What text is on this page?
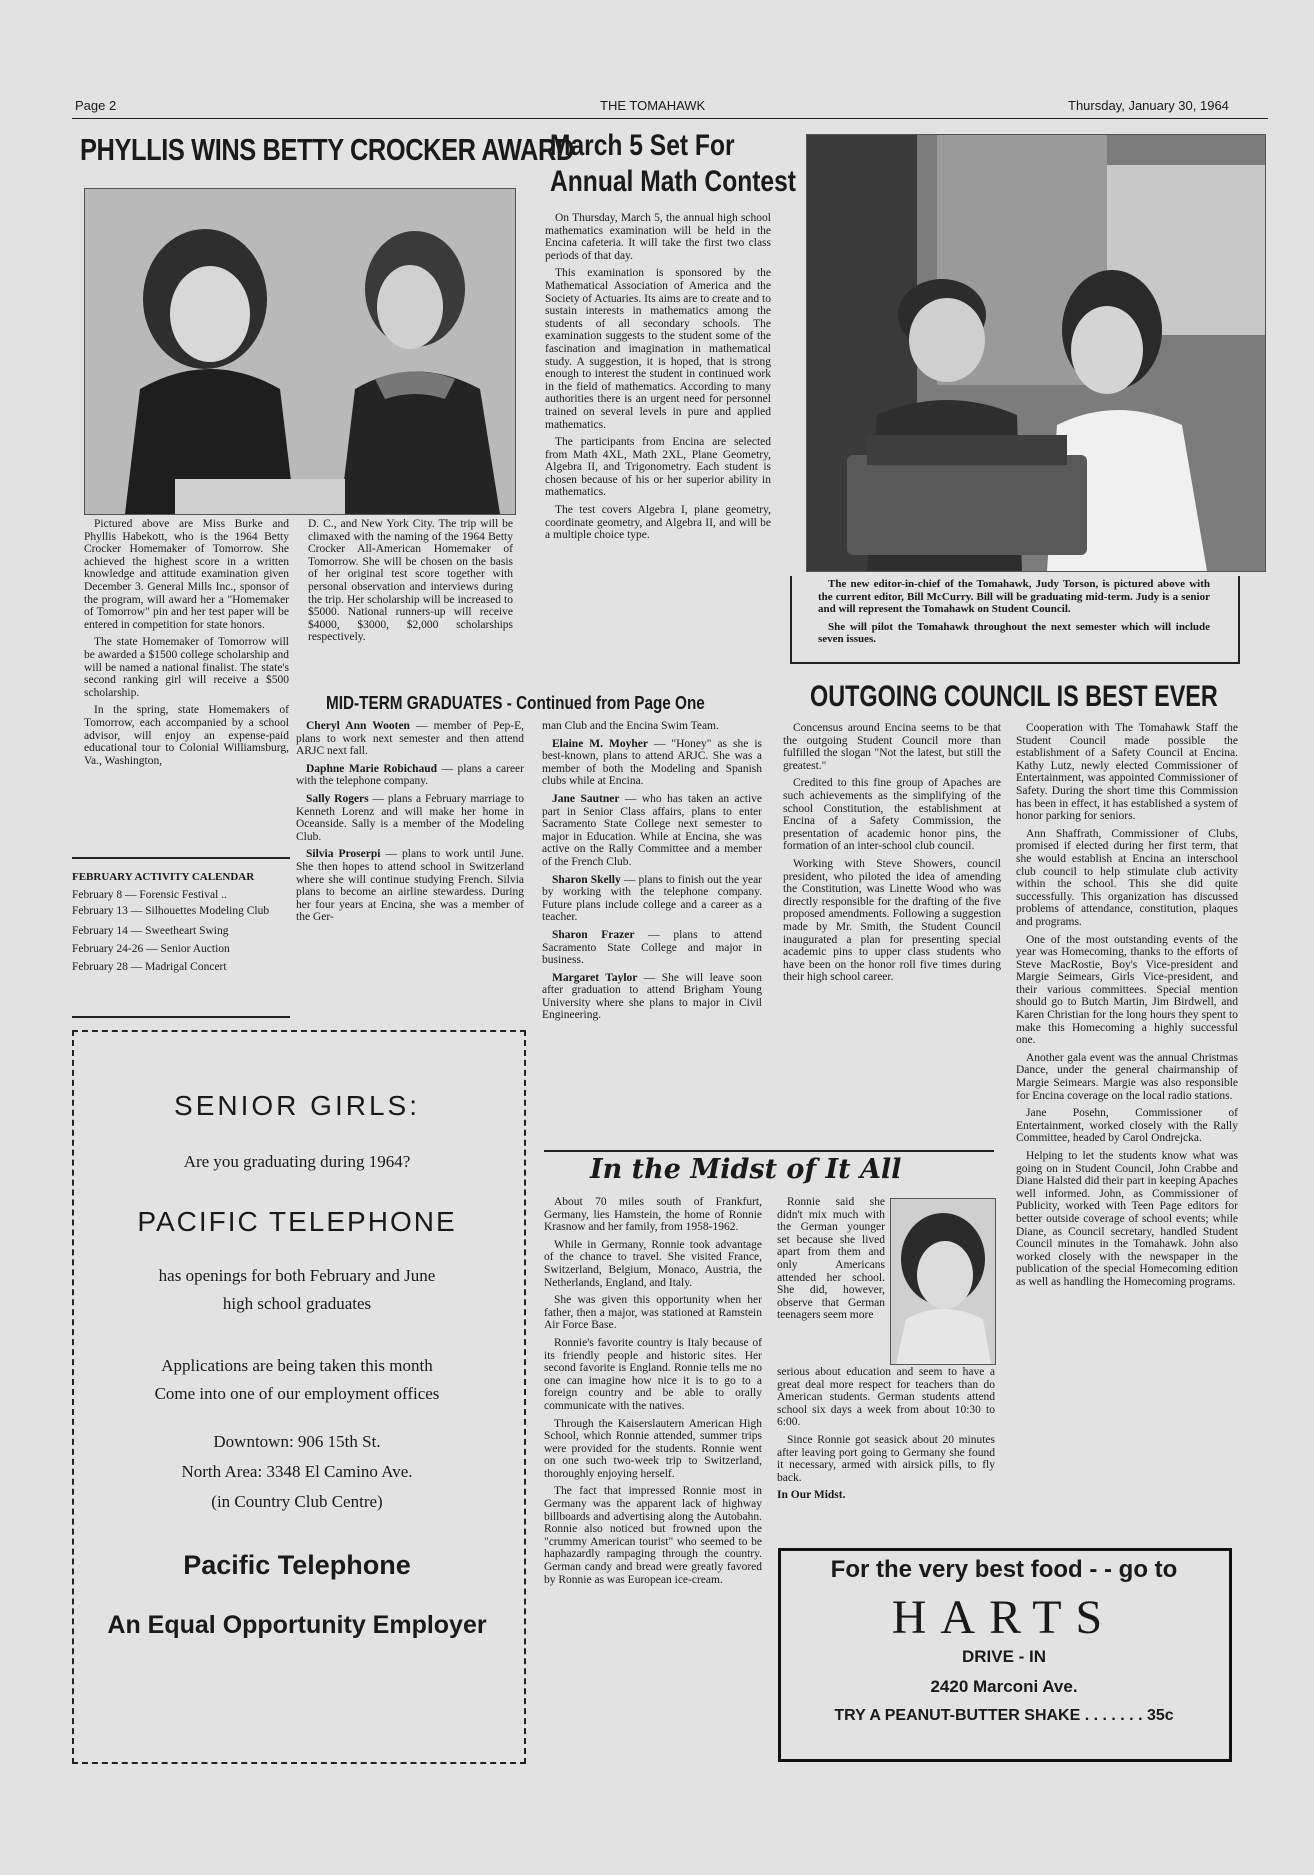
Page 2	THE TOMAHAWK	Thursday, January 30, 1964
PHYLLIS WINS BETTY CROCKER AWARD

Pictured above are Miss Burke and Phyllis Habekott, who is the 1964 Betty Crocker Homemaker of Tomorrow. She achieved the highest score in a written knowledge and attitude examination given December 3. General Mills Inc., sponsor of the program, will award her a "Homemaker of Tomorrow" pin and her test paper will be entered in competition for state honors.

The state Homemaker of Tomorrow will be awarded a $1500 college scholarship and will be named a national finalist. The state's second ranking girl will receive a $500 scholarship.

In the spring, state Homemakers of Tomorrow, each accompanied by a school advisor, will enjoy an expense-paid educational tour to Colonial Williamsburg, Va., Washington,

D. C., and New York City. The trip will be climaxed with the naming of the 1964 Betty Crocker All-American Homemaker of Tomorrow. She will be chosen on the basis of her original test score together with personal observation and interviews during the trip. Her scholarship will be increased to $5000. National runners-up will receive $4000, $3000, $2,000 scholarships respectively.

FEBRUARY ACTIVITY CALENDAR
February 8 — Forensic Festival ..
February 13 — Silhouettes Modeling Club
February 14 — Sweetheart Swing
February 24-26 — Senior Auction
February 28 — Madrigal Concert
March 5 Set For
Annual Math Contest

On Thursday, March 5, the annual high school mathematics examination will be held in the Encina cafeteria. It will take the first two class periods of that day.

This examination is sponsored by the Mathematical Association of America and the Society of Actuaries. Its aims are to create and to sustain interests in mathematics among the students of all secondary schools. The examination suggests to the student some of the fascination and imagination in mathematical study. A suggestion, it is hoped, that is strong enough to interest the student in continued work in the field of mathematics. According to many authorities there is an urgent need for personnel trained on several levels in pure and applied mathematics.

The participants from Encina are selected from Math 4XL, Math 2XL, Plane Geometry, Algebra II, and Trigonometry. Each student is chosen because of his or her superior ability in mathematics.

The test covers Algebra I, plane geometry, coordinate geometry, and Algebra II, and will be a multiple choice type.

The new editor-in-chief of the Tomahawk, Judy Torson, is pictured above with the current editor, Bill McCurry. Bill will be graduating mid-term. Judy is a senior and will represent the Tomahawk on Student Council.

She will pilot the Tomahawk throughout the next semester which will include seven issues.

MID-TERM GRADUATES - Continued from Page One

Cheryl Ann Wooten — member of Pep-E, plans to work next semester and then attend ARJC next fall.

Daphne Marie Robichaud — plans a career with the telephone company.

Sally Rogers — plans a February marriage to Kenneth Lorenz and will make her home in Oceanside. Sally is a member of the Modeling Club.

Silvia Proserpi — plans to work until June. She then hopes to attend school in Switzerland where she will continue studying French. Silvia plans to become an airline stewardess. During her four years at Encina, she was a member of the Ger-

man Club and the Encina Swim Team.

Elaine M. Moyher — "Honey" as she is best-known, plans to attend ARJC. She was a member of both the Modeling and Spanish clubs while at Encina.

Jane Sautner — who has taken an active part in Senior Class affairs, plans to enter Sacramento State College next semester to major in Education. While at Encina, she was active on the Rally Committee and a member of the French Club.

Sharon Skelly — plans to finish out the year by working with the telephone company. Future plans include college and a career as a teacher.

Sharon Frazer — plans to attend Sacramento State College and major in business.

Margaret Taylor — She will leave soon after graduation to attend Brigham Young University where she plans to major in Civil Engineering.

OUTGOING COUNCIL IS BEST EVER

Concensus around Encina seems to be that the outgoing Student Council more than fulfilled the slogan "Not the latest, but still the greatest."

Credited to this fine group of Apaches are such achievements as the simplifying of the school Constitution, the establishment at Encina of a Safety Commission, the presentation of academic honor pins, the formation of an inter-school club council.

Working with Steve Showers, council president, who piloted the idea of amending the Constitution, was Linette Wood who was directly responsible for the drafting of the five proposed amendments. Following a suggestion made by Mr. Smith, the Student Council inaugurated a plan for presenting special academic pins to upper class students who have been on the honor roll five times during their high school career.

Cooperation with The Tomahawk Staff the Student Council made possible the establishment of a Safety Council at Encina. Kathy Lutz, newly elected Commissioner of Entertainment, was appointed Commissioner of Safety. During the short time this Commission has been in effect, it has established a system of honor parking for seniors.

Ann Shaffrath, Commissioner of Clubs, promised if elected during her first term, that she would establish at Encina an interschool club council to help stimulate club activity within the school. This she did quite successfully. This organization has discussed problems of attendance, constitution, plaques and programs.

One of the most outstanding events of the year was Homecoming, thanks to the efforts of Steve MacRostie, Boy's Vice-president and Margie Seimears, Girls Vice-president, and their various committees. Special mention should go to Butch Martin, Jim Birdwell, and Karen Christian for the long hours they spent to make this Homecoming a highly successful one.

Another gala event was the annual Christmas Dance, under the general chairmanship of Margie Seimears. Margie was also responsible for Encina coverage on the local radio stations.

Jane Posehn, Commissioner of Entertainment, worked closely with the Rally Committee, headed by Carol Ondrejcka.

Helping to let the students know what was going on in Student Council, John Crabbe and Diane Halsted did their part in keeping Apaches well informed. John, as Commissioner of Publicity, worked with Teen Page editors for better outside coverage of school events; while Diane, as Council secretary, handled Student Council minutes in the Tomahawk. John also worked closely with the newspaper in the publication of the special Homecoming edition as well as handling the Homecoming programs.

In the Midst of It All

About 70 miles south of Frankfurt, Germany, lies Hamstein, the home of Ronnie Krasnow and her family, from 1958-1962.

While in Germany, Ronnie took advantage of the chance to travel. She visited France, Switzerland, Belgium, Monaco, Austria, the Netherlands, England, and Italy.

She was given this opportunity when her father, then a major, was stationed at Ramstein Air Force Base.

Ronnie's favorite country is Italy because of its friendly people and historic sites. Her second favorite is England. Ronnie tells me no one can imagine how nice it is to go to a foreign country and be able to orally communicate with the natives.

Through the Kaiserslautern American High School, which Ronnie attended, summer trips were provided for the students. Ronnie went on one such two-week trip to Switzerland, thoroughly enjoying herself.

The fact that impressed Ronnie most in Germany was the apparent lack of highway billboards and advertising along the Autobahn. Ronnie also noticed but frowned upon the "crummy American tourist" who seemed to be haphazardly rampaging through the country. German candy and bread were greatly favored by Ronnie as was European ice-cream.

Ronnie said she didn't mix much with the German younger set because she lived apart from them and only Americans attended her school. She did, however, observe that German teenagers seem more

serious about education and seem to have a great deal more respect for teachers than do American students. German students attend school six days a week from about 10:30 to 6:00.

Since Ronnie got seasick about 20 minutes after leaving port going to Germany she found it necessary, armed with airsick pills, to fly back.

In Our Midst.

SENIOR GIRLS:
Are you graduating during 1964?
PACIFIC TELEPHONE
has openings for both February and June
high school graduates
Applications are being taken this month
Come into one of our employment offices
Downtown: 906 15th St.
North Area: 3348 El Camino Ave.
(in Country Club Centre)
Pacific Telephone
An Equal Opportunity Employer
For the very best food - - go to
HARTS
DRIVE - IN
2420 Marconi Ave.
TRY A PEANUT-BUTTER SHAKE . . . . . . . 35c
